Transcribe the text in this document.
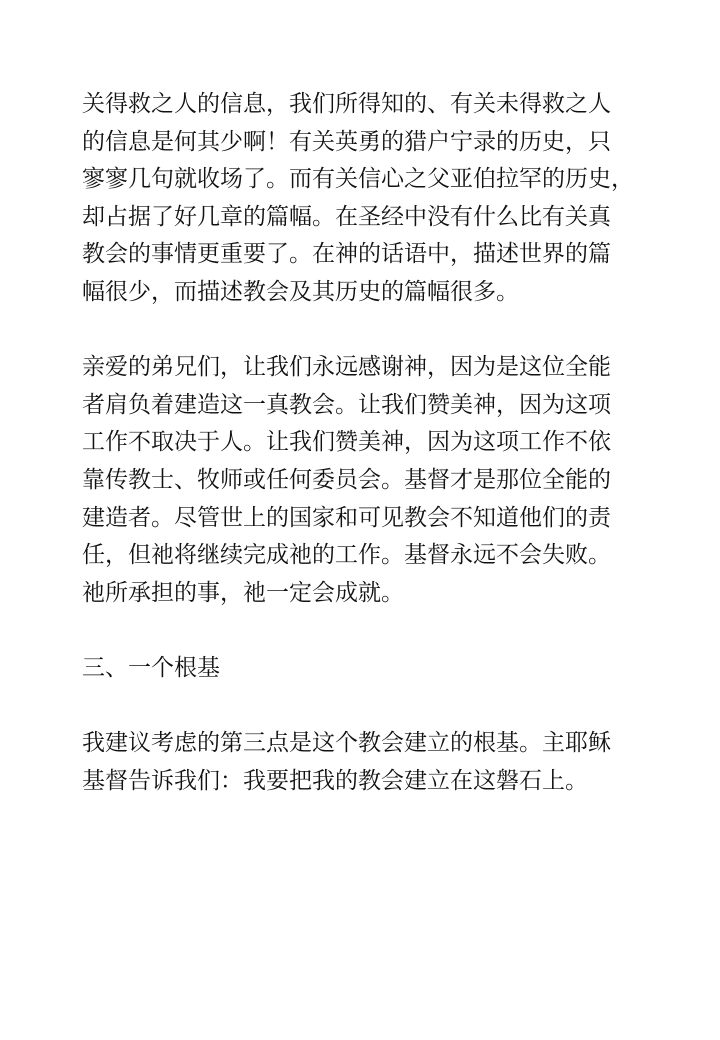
关得救之人的信息，我们所得知的、有关未得救之人
的信息是何其少啊！有关英勇的猎户宁录的历史，只
寥寥几句就收场了。而有关信心之父亚伯拉罕的历史，
却占据了好几章的篇幅。在圣经中没有什么比有关真
教会的事情更重要了。在神的话语中，描述世界的篇
幅很少，而描述教会及其历史的篇幅很多。

亲爱的弟兄们，让我们永远感谢神，因为是这位全能
者肩负着建造这一真教会。让我们赞美神，因为这项
工作不取决于人。让我们赞美神，因为这项工作不依
靠传教士、牧师或任何委员会。基督才是那位全能的
建造者。尽管世上的国家和可见教会不知道他们的责
任，但祂将继续完成祂的工作。基督永远不会失败。
祂所承担的事，祂一定会成就。

三、一个根基

我建议考虑的第三点是这个教会建立的根基。主耶稣
基督告诉我们：我要把我的教会建立在这磐石上。
